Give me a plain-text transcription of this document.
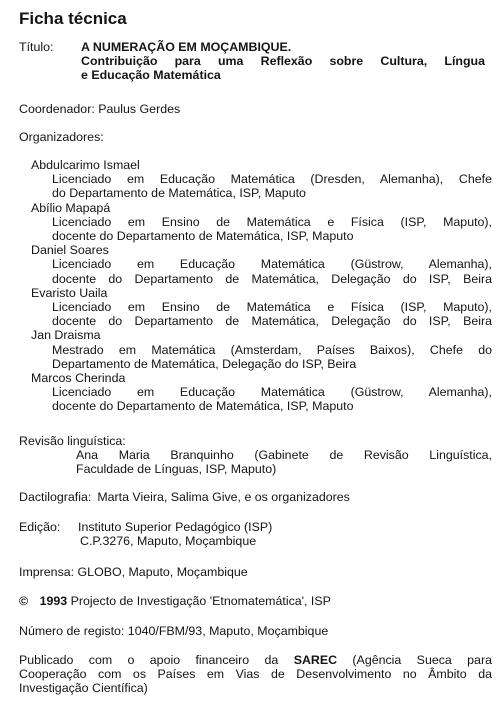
Ficha técnica
Título:	A NUMERAÇÃO EM MOÇAMBIQUE.
Contribuição para uma Reflexão sobre Cultura, Língua
e Educação Matemática
Coordenador: Paulus Gerdes
Organizadores:
Abdulcarimo Ismael
Licenciado em Educação Matemática (Dresden, Alemanha), Chefe
do Departamento de Matemática, ISP, Maputo
Abílio Mapapá
Licenciado em Ensino de Matemática e Física (ISP, Maputo),
docente do Departamento de Matemática, ISP, Maputo
Daniel Soares
Licenciado em Educação Matemática (Güstrow, Alemanha),
docente do Departamento de Matemática, Delegação do ISP, Beira
Evaristo Uaila
Licenciado em Ensino de Matemática e Física (ISP, Maputo),
docente do Departamento de Matemática, Delegação do ISP, Beira
Jan Draisma
Mestrado em Matemática (Amsterdam, Países Baixos), Chefe do
Departamento de Matemática, Delegação do ISP, Beira
Marcos Cherinda
Licenciado em Educação Matemática (Güstrow, Alemanha),
docente do Departamento de Matemática, ISP, Maputo
Revisão linguística:
Ana Maria Branquinho (Gabinete de Revisão Linguística,
Faculdade de Línguas, ISP, Maputo)
Dactilografia: Marta Vieira, Salima Give, e os organizadores
Edição:	Instituto Superior Pedagógico (ISP)
C.P.3276, Maputo, Moçambique
Imprensa: GLOBO, Maputo, Moçambique
© 1993 Projecto de Investigação 'Etnomatemática', ISP
Número de registo: 1040/FBM/93, Maputo, Moçambique
Publicado com o apoio financeiro da SAREC (Agência Sueca para
Cooperação com os Países em Vias de Desenvolvimento no Âmbito da
Investigação Científica)
